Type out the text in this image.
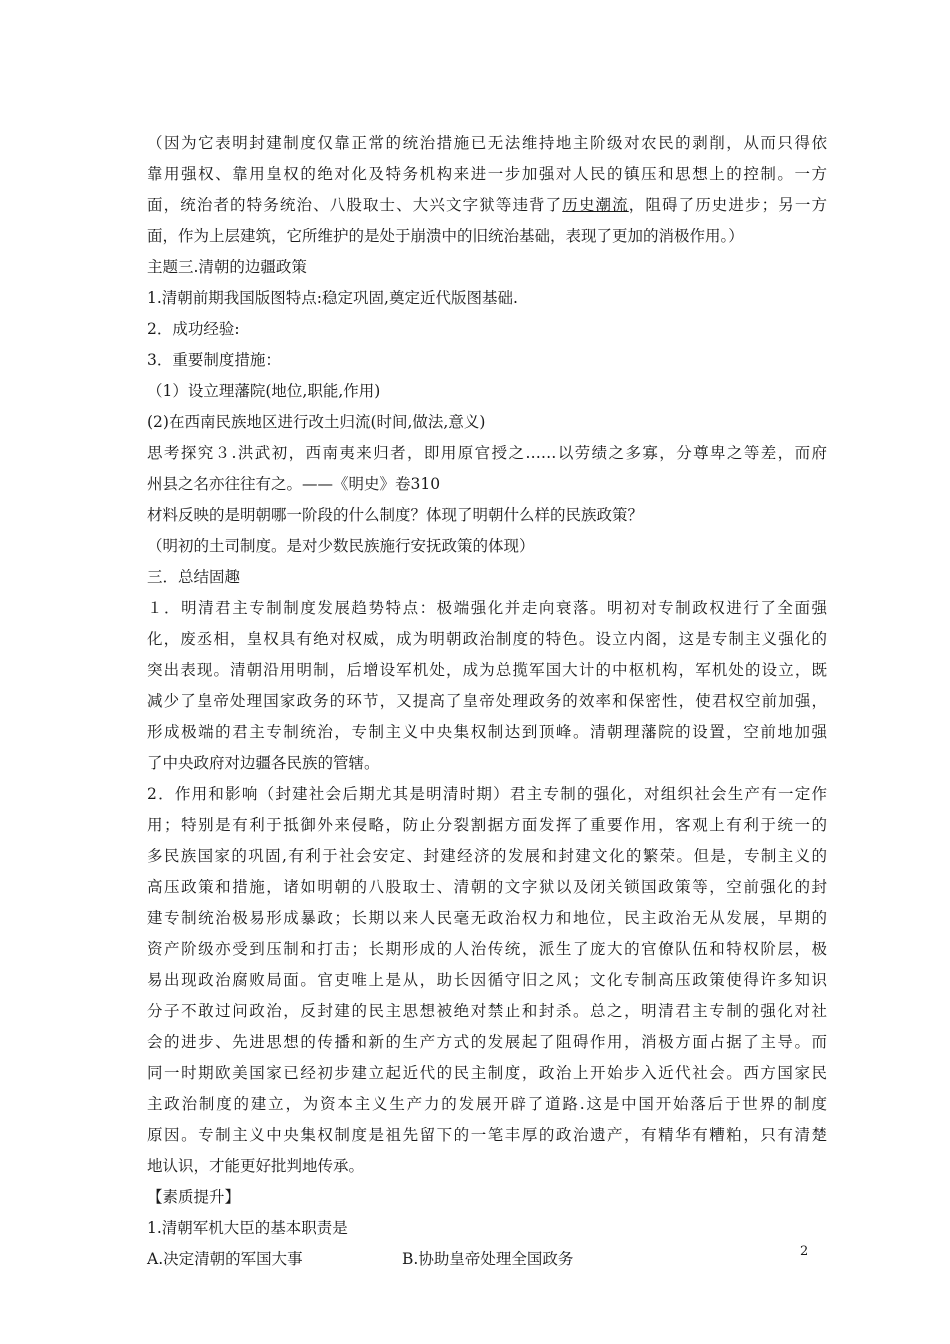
（因为它表明封建制度仅靠正常的统治措施已无法维持地主阶级对农民的剥削，从而只得依
靠用强权、靠用皇权的绝对化及特务机构来进一步加强对人民的镇压和思想上的控制。一方
面，统治者的特务统治、八股取士、大兴文字狱等违背了历史潮流，阻碍了历史进步；另一方
面，作为上层建筑，它所维护的是处于崩溃中的旧统治基础，表现了更加的消极作用。）
主题三.清朝的边疆政策
1.清朝前期我国版图特点:稳定巩固,奠定近代版图基础.
2．成功经验:
3．重要制度措施：
（1）设立理藩院(地位,职能,作用)
(2)在西南民族地区进行改土归流(时间,做法,意义)
思考探究３.洪武初，西南夷来归者，即用原官授之……以劳绩之多寡，分尊卑之等差，而府
州县之名亦往往有之。——《明史》卷310
材料反映的是明朝哪一阶段的什么制度？体现了明朝什么样的民族政策？
（明初的土司制度。是对少数民族施行安抚政策的体现）
三．总结固趣
１．明清君主专制制度发展趋势特点：极端强化并走向衰落。明初对专制政权进行了全面强
化，废丞相，皇权具有绝对权威，成为明朝政治制度的特色。设立内阁，这是专制主义强化的
突出表现。清朝沿用明制，后增设军机处，成为总揽军国大计的中枢机构，军机处的设立，既
减少了皇帝处理国家政务的环节，又提高了皇帝处理政务的效率和保密性，使君权空前加强，
形成极端的君主专制统治，专制主义中央集权制达到顶峰。清朝理藩院的设置，空前地加强
了中央政府对边疆各民族的管辖。
2．作用和影响（封建社会后期尤其是明清时期）君主专制的强化，对组织社会生产有一定作
用；特别是有利于抵御外来侵略，防止分裂割据方面发挥了重要作用，客观上有利于统一的
多民族国家的巩固,有利于社会安定、封建经济的发展和封建文化的繁荣。但是，专制主义的
高压政策和措施，诸如明朝的八股取士、清朝的文字狱以及闭关锁国政策等，空前强化的封
建专制统治极易形成暴政；长期以来人民毫无政治权力和地位，民主政治无从发展，早期的
资产阶级亦受到压制和打击；长期形成的人治传统，派生了庞大的官僚队伍和特权阶层，极
易出现政治腐败局面。官吏唯上是从，助长因循守旧之风；文化专制高压政策使得许多知识
分子不敢过问政治，反封建的民主思想被绝对禁止和封杀。总之，明清君主专制的强化对社
会的进步、先进思想的传播和新的生产方式的发展起了阻碍作用，消极方面占据了主导。而
同一时期欧美国家已经初步建立起近代的民主制度，政治上开始步入近代社会。西方国家民
主政治制度的建立，为资本主义生产力的发展开辟了道路.这是中国开始落后于世界的制度
原因。专制主义中央集权制度是祖先留下的一笔丰厚的政治遗产，有精华有糟粕，只有清楚
地认识，才能更好批判地传承。
【素质提升】
1.清朝军机大臣的基本职责是
A.决定清朝的军国大事	B.协助皇帝处理全国政务	2
